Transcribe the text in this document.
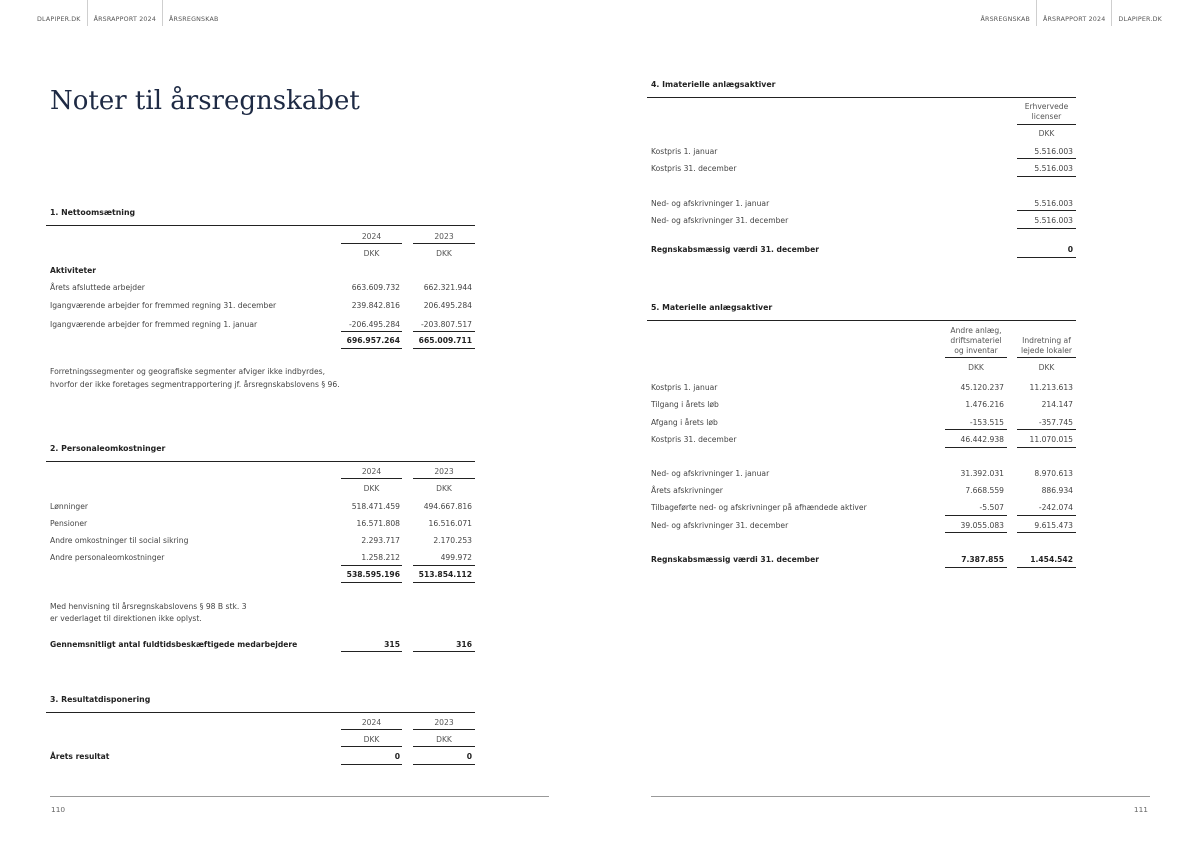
DLAPIPER.DK	ÅRSRAPPORT 2024	ÅRSREGNSKAB	ÅRSREGNSKAB	ÅRSRAPPORT 2024	DLAPIPER.DK
Noter til årsregnskabet
1. Nettoomsætning
2024	2023
DKK	DKK
Aktiviteter
Årets afsluttede arbejder	663.609.732	662.321.944
Igangværende arbejder for fremmed regning 31. december	239.842.816	206.495.284
Igangværende arbejder for fremmed regning 1. januar	-206.495.284	-203.807.517
696.957.264	665.009.711
Forretningssegmenter og geografiske segmenter afviger ikke indbyrdes,
hvorfor der ikke foretages segmentrapportering jf. årsregnskabslovens § 96.
2. Personaleomkostninger
2024	2023
DKK	DKK
Lønninger	518.471.459	494.667.816
Pensioner	16.571.808	16.516.071
Andre omkostninger til social sikring	2.293.717	2.170.253
Andre personaleomkostninger	1.258.212	499.972
538.595.196	513.854.112
Med henvisning til årsregnskabslovens § 98 B stk. 3
er vederlaget til direktionen ikke oplyst.
Gennemsnitligt antal fuldtidsbeskæftigede medarbejdere	315	316
3. Resultatdisponering
2024	2023
DKK	DKK
Årets resultat	0	0
4. Imaterielle anlægsaktiver
Erhvervede
licenser
DKK
Kostpris 1. januar	5.516.003
Kostpris 31. december	5.516.003
Ned- og afskrivninger 1. januar	5.516.003
Ned- og afskrivninger 31. december	5.516.003
Regnskabsmæssig værdi 31. december	0
5. Materielle anlægsaktiver
Andre anlæg,
driftsmateriel
og inventar
Indretning af
lejede lokaler
DKK	DKK
Kostpris 1. januar	45.120.237	11.213.613
Tilgang i årets løb	1.476.216	214.147
Afgang i årets løb	-153.515	-357.745
Kostpris 31. december	46.442.938	11.070.015
Ned- og afskrivninger 1. januar	31.392.031	8.970.613
Årets afskrivninger	7.668.559	886.934
Tilbageførte ned- og afskrivninger på afhændede aktiver	-5.507	-242.074
Ned- og afskrivninger 31. december	39.055.083	9.615.473
Regnskabsmæssig værdi 31. december	7.387.855	1.454.542
110	111
